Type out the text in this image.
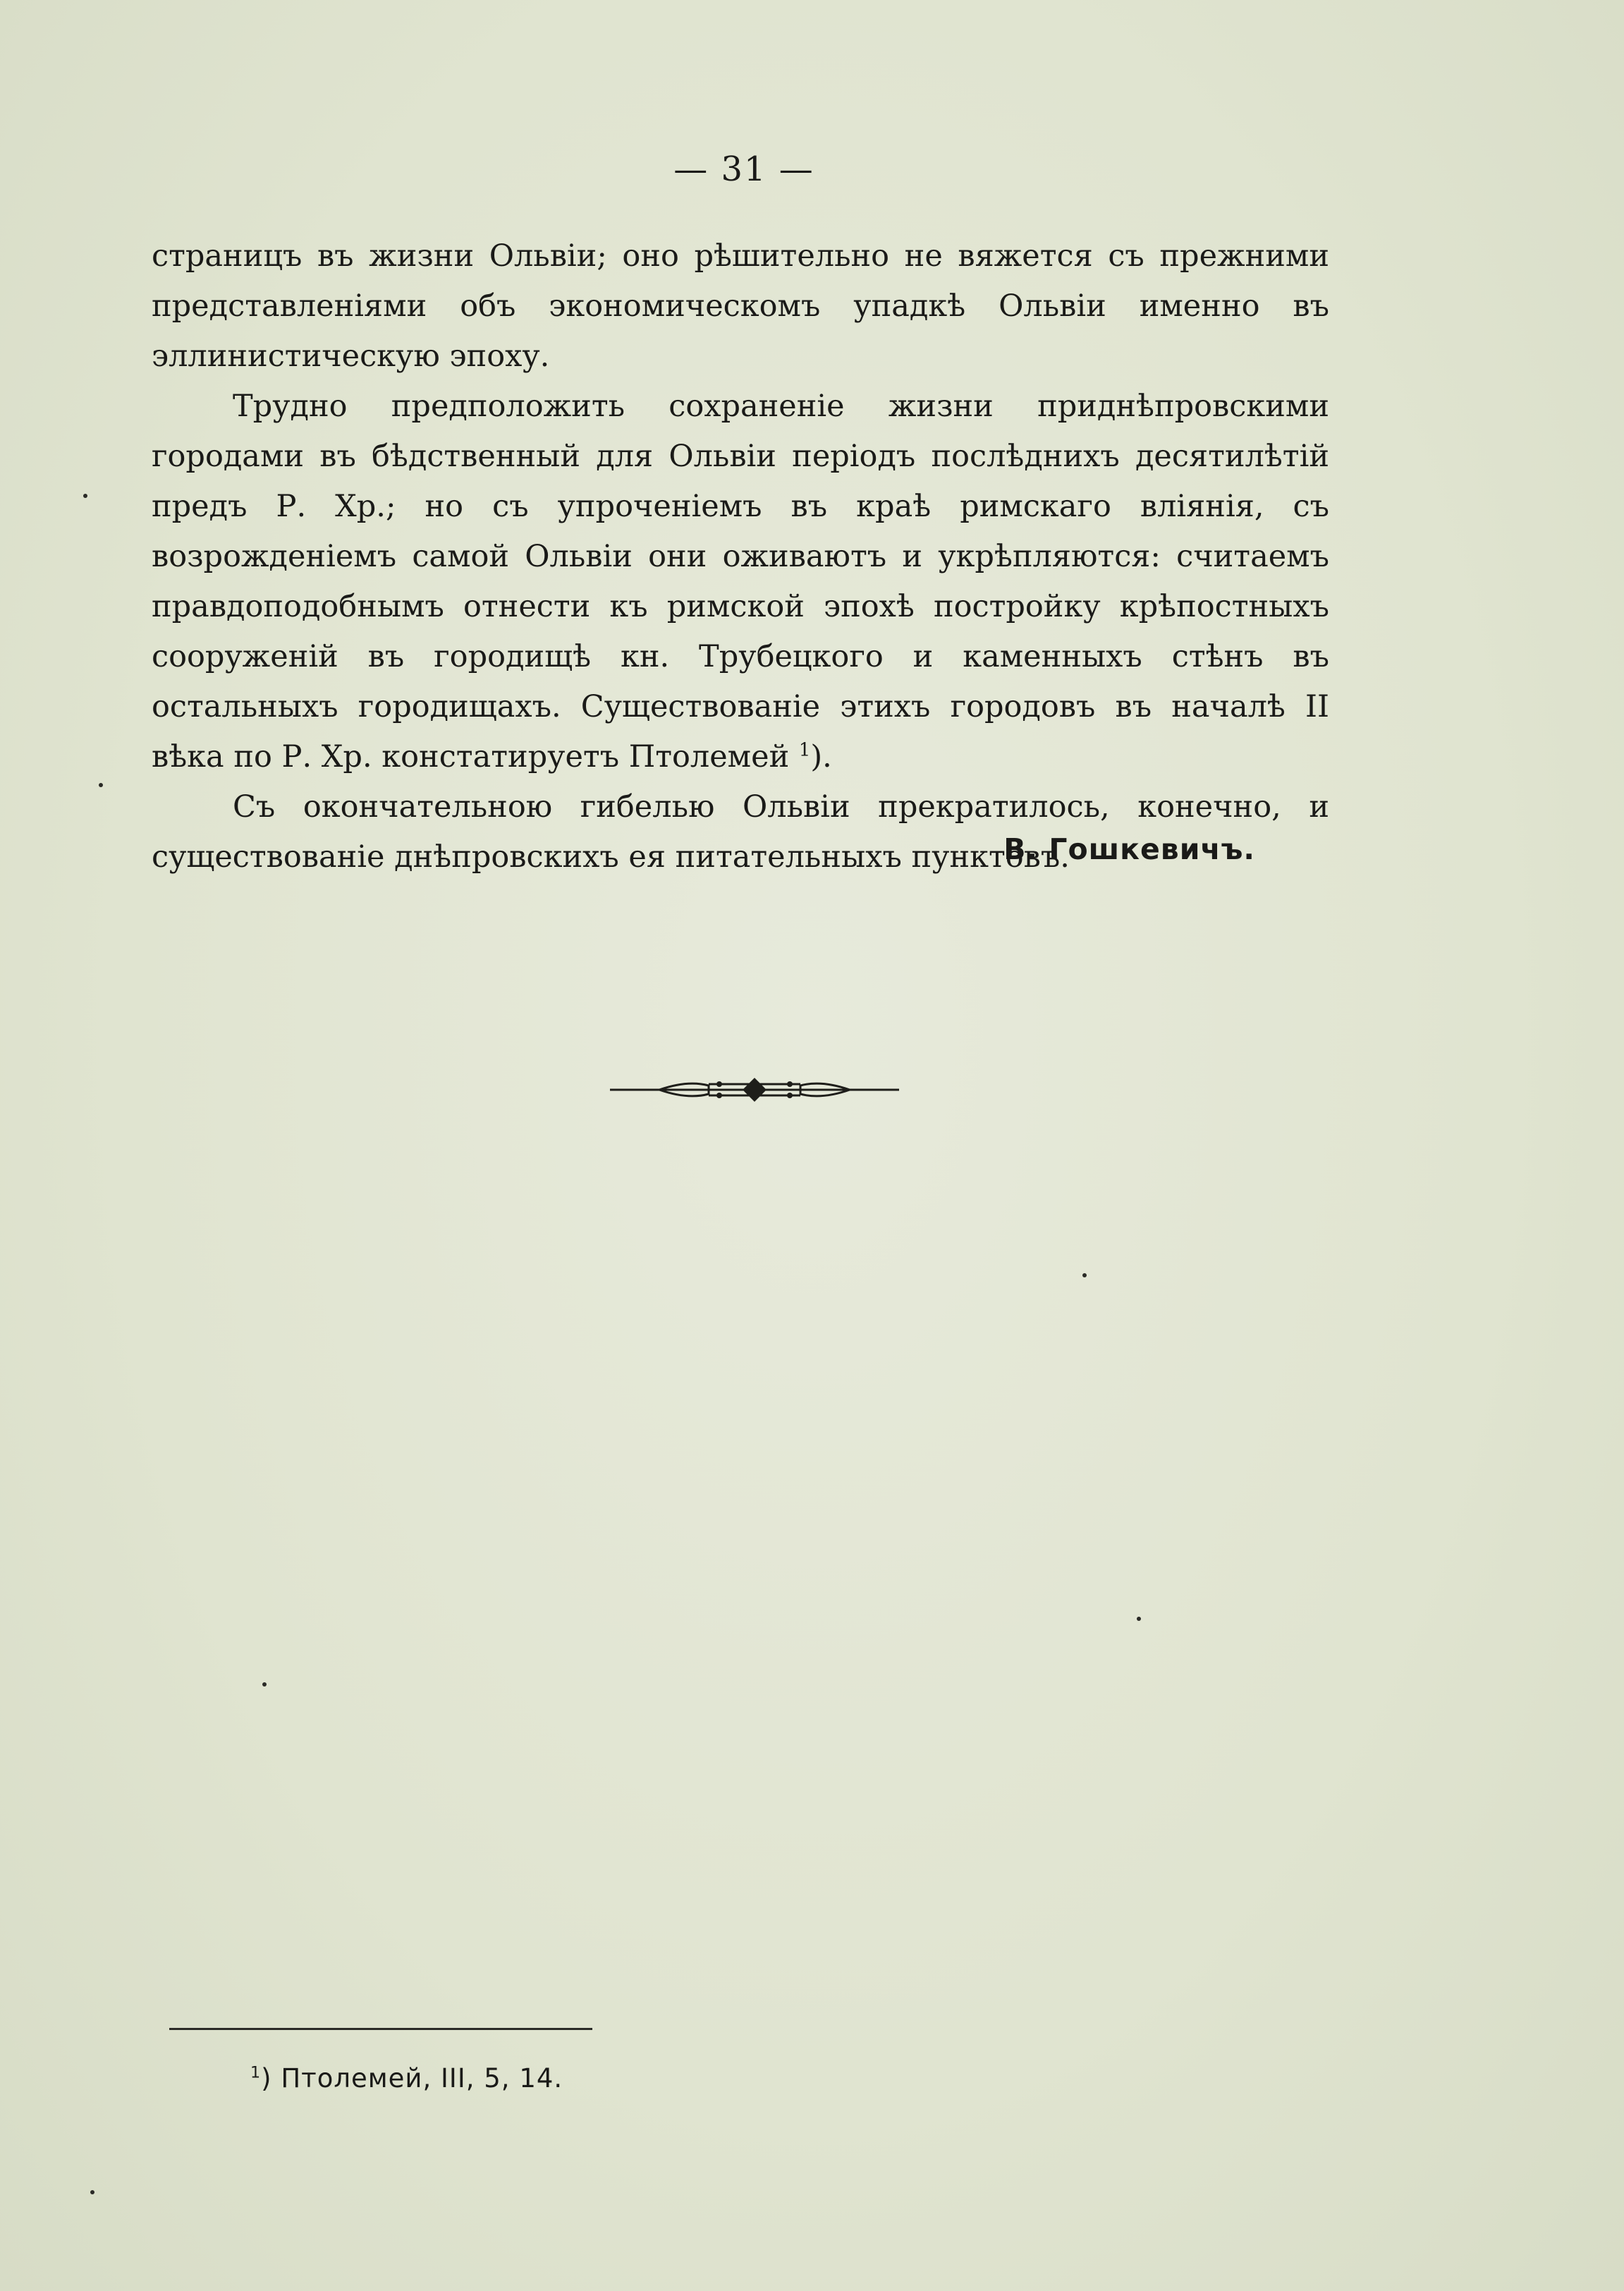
— 31 —

страницъ въ жизни Ольвiи; оно рѣшительно не вяжется съ прежними представленiями объ экономическомъ упадкѣ Ольвiи именно въ эллинистическую эпоху.

Трудно предположить сохраненiе жизни приднѣпровскими городами въ бѣдственный для Ольвiи перiодъ послѣднихъ десятилѣтiй предъ Р. Хр.; но съ упроченiемъ въ краѣ римскаго влiянiя, съ возрожденiемъ самой Ольвiи они оживаютъ и укрѣпляются: считаемъ правдоподобнымъ отнести къ римской эпохѣ постройку крѣпостныхъ сооруженiй въ городищѣ кн. Трубецкого и каменныхъ стѣнъ въ остальныхъ городищахъ. Существованiе этихъ городовъ въ началѣ II вѣка по Р. Хр. констатируетъ Птолемей $^1$).

Съ окончательною гибелью Ольвiи прекратилось, конечно, и существованiе днѣпровскихъ ея питательныхъ пунктовъ.

В. Гошкевичъ.
$^1$) Птолемей, III, 5, 14.
